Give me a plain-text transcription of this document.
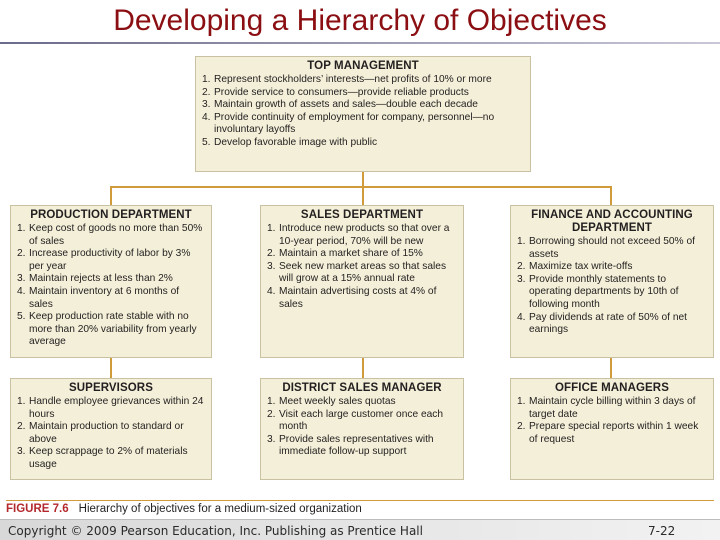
Developing a Hierarchy of Objectives
TOP MANAGEMENT
1. Represent stockholders’ interests—net profits of 10% or more
2. Provide service to consumers—provide reliable products
3. Maintain growth of assets and sales—double each decade
4. Provide continuity of employment for company, personnel—no involuntary layoffs
5. Develop favorable image with public
PRODUCTION DEPARTMENT
1. Keep cost of goods no more than 50% of sales
2. Increase productivity of labor by 3% per year
3. Maintain rejects at less than 2%
4. Maintain inventory at 6 months of sales
5. Keep production rate stable with no more than 20% variability from yearly average
SALES DEPARTMENT
1. Introduce new products so that over a 10-year period, 70% will be new
2. Maintain a market share of 15%
3. Seek new market areas so that sales will grow at a 15% annual rate
4. Maintain advertising costs at 4% of sales
FINANCE AND ACCOUNTING DEPARTMENT
1. Borrowing should not exceed 50% of assets
2. Maximize tax write-offs
3. Provide monthly statements to operating departments by 10th of following month
4. Pay dividends at rate of 50% of net earnings
SUPERVISORS
1. Handle employee grievances within 24 hours
2. Maintain production to standard or above
3. Keep scrappage to 2% of materials usage
DISTRICT SALES MANAGER
1. Meet weekly sales quotas
2. Visit each large customer once each month
3. Provide sales representatives with immediate follow-up support
OFFICE MANAGERS
1. Maintain cycle billing within 3 days of target date
2. Prepare special reports within 1 week of request
FIGURE 7.6 Hierarchy of objectives for a medium-sized organization
Copyright © 2009 Pearson Education, Inc. Publishing as Prentice Hall	7-22
